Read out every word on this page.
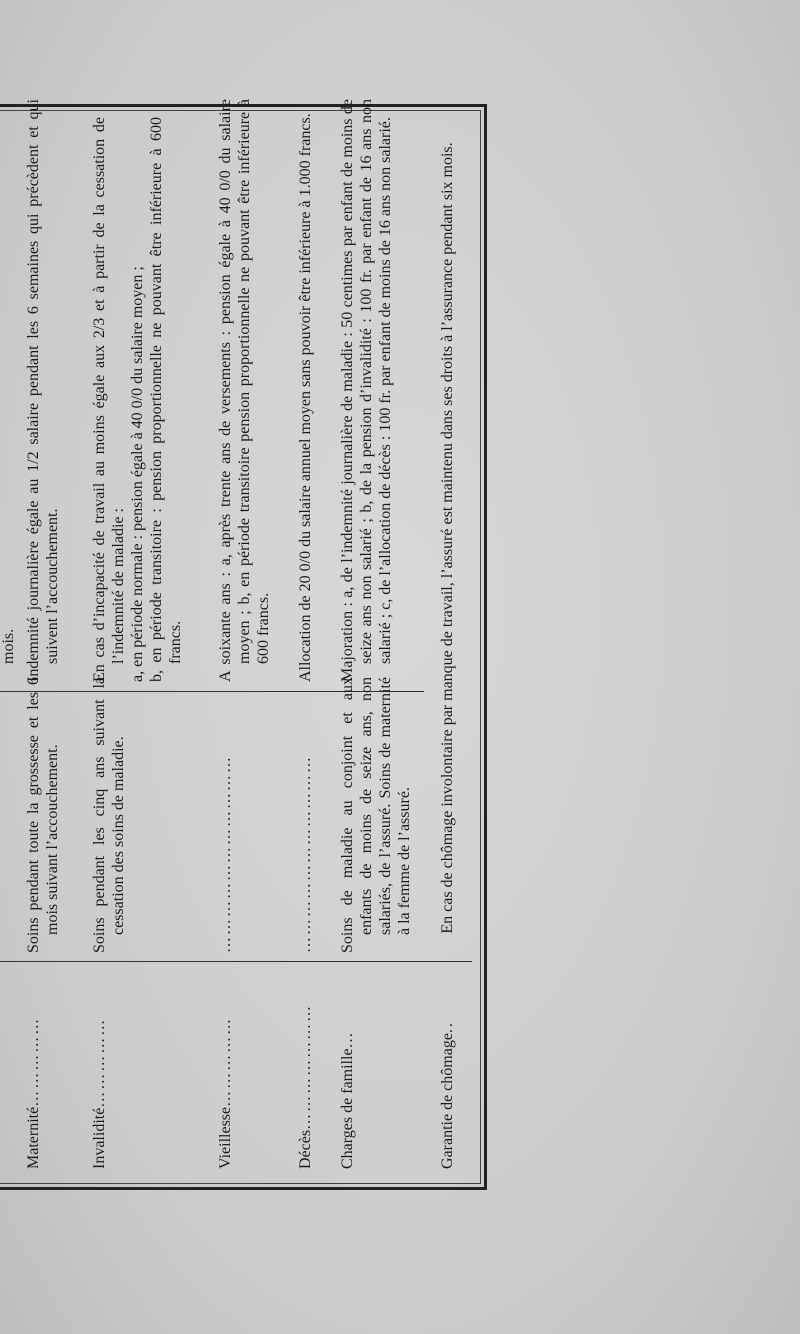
mois.
Maternité……………
Soins pendant toute la grossesse et les 6 mois suivant l’accouchement.
Indemnité journalière égale au 1/2 salaire pendant les 6 semaines qui précèdent et qui suivent l’accouchement.
Invalidité……………
Soins pendant les cinq ans suivant la cessation des soins de maladie.

En cas d’incapacité de travail au moins égale aux 2/3 et à partir de la cessation de l’indemnité de maladie : a, en période normale : pension égale à 40 0/0 du salaire moyen ; b, en période transitoire : pension proportionnelle ne pouvant être inférieure à 600 francs.

Vieillesse……………
……………………………
A soixante ans : a, après trente ans de versements : pension égale à 40 0/0 du salaire moyen ; b, en période transitoire pension proportionnelle ne pouvant être inférieure à 600 francs.
Décès…………………
……………………………
Allocation de 20 0/0 du salaire annuel moyen sans pouvoir être inférieure à 1.000 francs.
Charges de famille…
Soins de maladie au conjoint et aux enfants de moins de seize ans, non salariés, de l’assuré. Soins de maternité à la femme de l’assuré.
Majoration : a, de l’indemnité journalière de maladie : 50 centimes par enfant de moins de seize ans non salarié ; b, de la pension d’invalidité : 100 fr. par enfant de 16 ans non salarié ; c, de l’allocation de décès : 100 fr. par enfant de moins de 16 ans non salarié.
Garantie de chômage..
En cas de chômage involontaire par manque de travail, l’assuré est maintenu dans ses droits à l’assurance pendant six mois.
